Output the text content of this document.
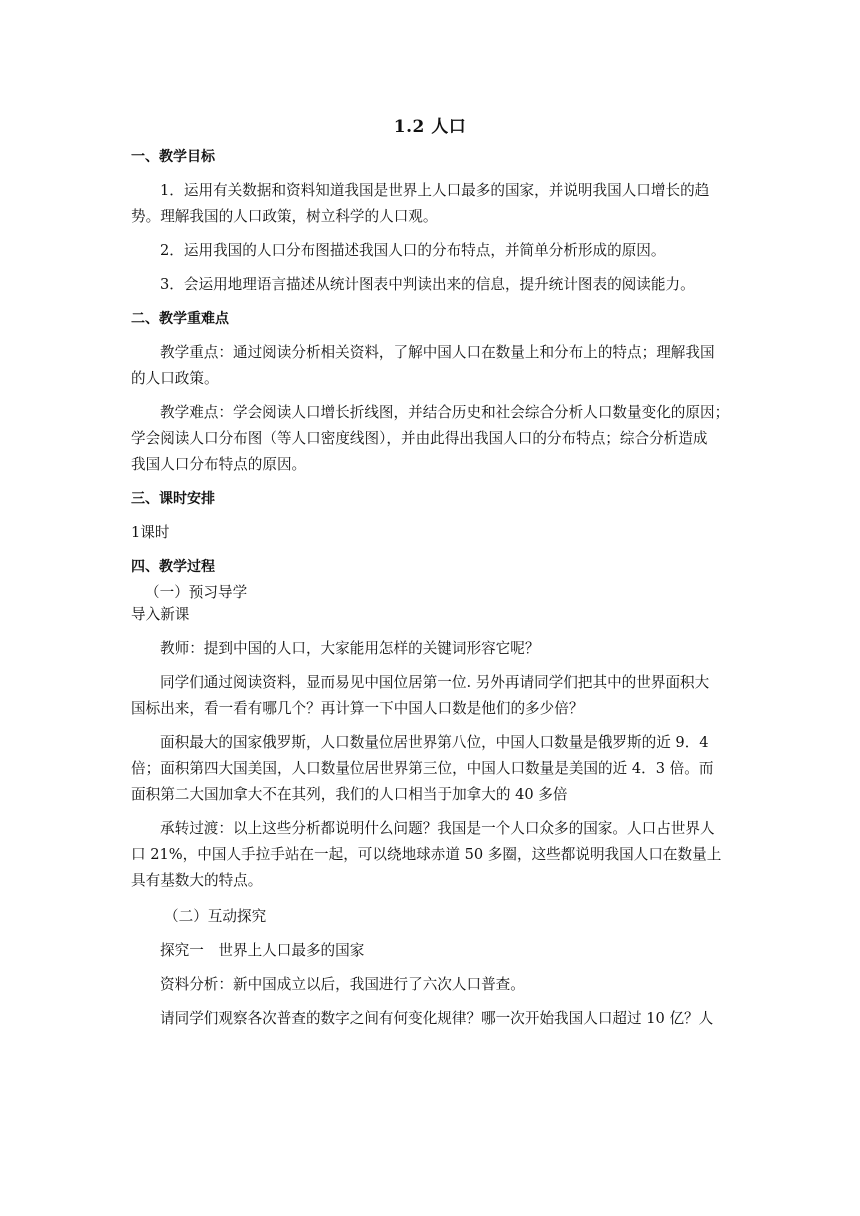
1.2 人口
一、教学目标
1．运用有关数据和资料知道我国是世界上人口最多的国家，并说明我国人口增长的趋
势。理解我国的人口政策，树立科学的人口观。
2．运用我国的人口分布图描述我国人口的分布特点，并简单分析形成的原因。
3．会运用地理语言描述从统计图表中判读出来的信息，提升统计图表的阅读能力。
二、教学重难点
教学重点：通过阅读分析相关资料，了解中国人口在数量上和分布上的特点；理解我国
的人口政策。
教学难点：学会阅读人口增长折线图，并结合历史和社会综合分析人口数量变化的原因；
学会阅读人口分布图（等人口密度线图），并由此得出我国人口的分布特点；综合分析造成
我国人口分布特点的原因。
三、课时安排
1课时
四、教学过程
（一）预习导学
导入新课
教师：提到中国的人口，大家能用怎样的关键词形容它呢？
同学们通过阅读资料，显而易见中国位居第一位. 另外再请同学们把其中的世界面积大
国标出来，看一看有哪几个？再计算一下中国人口数是他们的多少倍？
面积最大的国家俄罗斯，人口数量位居世界第八位，中国人口数量是俄罗斯的近 9．4
倍；面积第四大国美国，人口数量位居世界第三位，中国人口数量是美国的近 4．3 倍。而
面积第二大国加拿大不在其列，我们的人口相当于加拿大的 40 多倍
承转过渡：以上这些分析都说明什么问题？我国是一个人口众多的国家。人口占世界人
口 21%，中国人手拉手站在一起，可以绕地球赤道 50 多圈，这些都说明我国人口在数量上
具有基数大的特点。
（二）互动探究
探究一　世界上人口最多的国家
资料分析：新中国成立以后，我国进行了六次人口普查。
请同学们观察各次普查的数字之间有何变化规律？哪一次开始我国人口超过 10 亿？人
